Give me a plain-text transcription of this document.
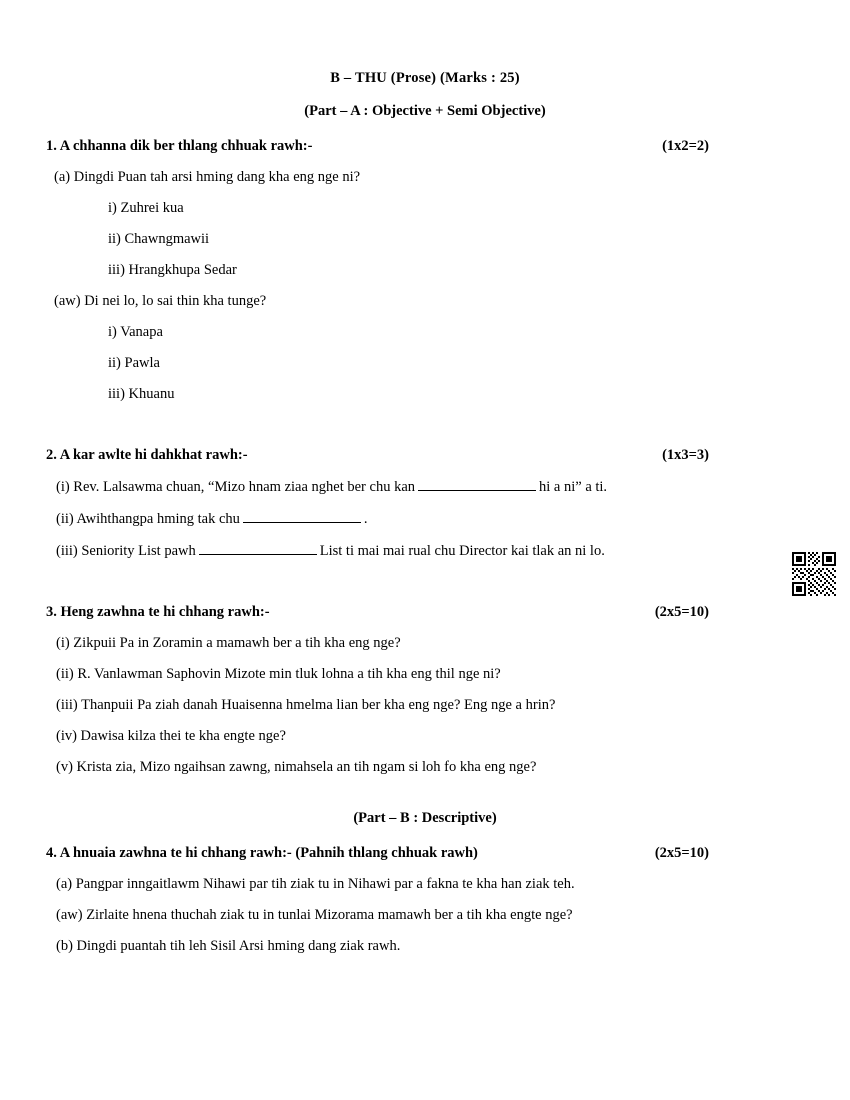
B – THU (Prose) (Marks : 25)
(Part – A : Objective + Semi Objective)
1. A chhanna dik ber thlang chhuak rawh:-	(1x2=2)
(a) Dingdi Puan tah arsi hming dang kha eng nge ni?
i) Zuhrei kua
ii) Chawngmawii
iii) Hrangkhupa Sedar
(aw) Di nei lo, lo sai thin kha tunge?
i) Vanapa
ii) Pawla
iii) Khuanu
2. A kar awlte hi dahkhat rawh:-	(1x3=3)
(i) Rev. Lalsawma chuan, “Mizo hnam ziaa nghet ber chu kan	hi a ni” a ti.
(ii) Awihthangpa hming tak chu	.
(iii) Seniority List pawh	List ti mai mai rual chu Director kai tlak an ni lo.
3. Heng zawhna te hi chhang rawh:-	(2x5=10)
(i) Zikpuii Pa in Zoramin a mamawh ber a tih kha eng nge?
(ii) R. Vanlawman Saphovin Mizote min tluk lohna a tih kha eng thil nge ni?
(iii) Thanpuii Pa ziah danah Huaisenna hmelma lian ber kha eng nge? Eng nge a hrin?
(iv) Dawisa kilza thei te kha engte nge?
(v) Krista zia, Mizo ngaihsan zawng, nimahsela an tih ngam si loh fo kha eng nge?
(Part – B : Descriptive)
4. A hnuaia zawhna te hi chhang rawh:- (Pahnih thlang chhuak rawh)	(2x5=10)
(a) Pangpar inngaitlawm Nihawi par tih ziak tu in Nihawi par a fakna te kha han ziak teh.
(aw) Zirlaite hnena thuchah ziak tu in tunlai Mizorama mamawh ber a tih kha engte nge?
(b) Dingdi puantah tih leh Sisil Arsi hming dang ziak rawh.
